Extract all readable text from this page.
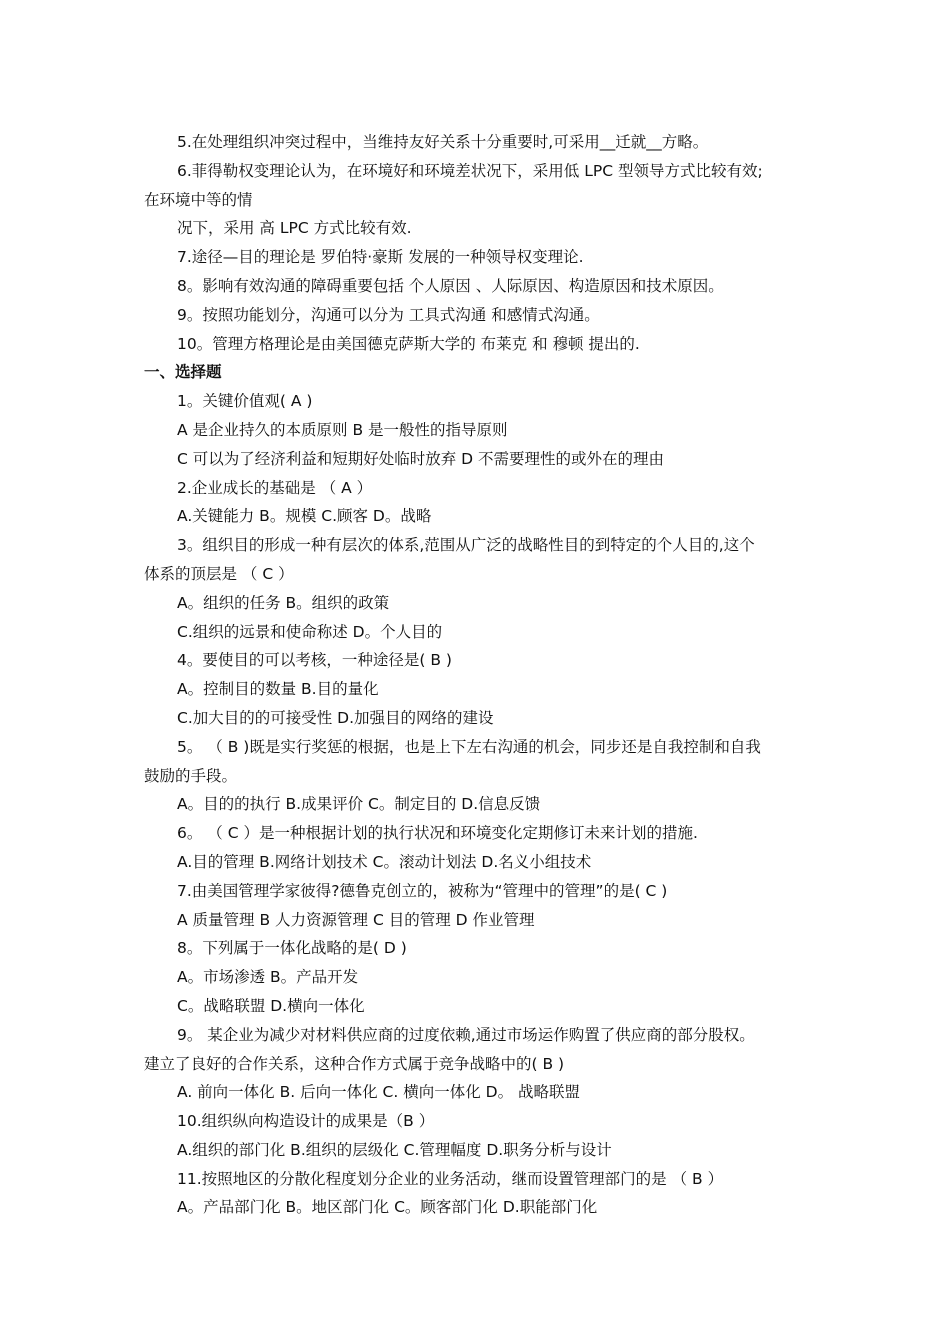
5.在处理组织冲突过程中，当维持友好关系十分重要时,可采用__迁就__方略。
6.菲得勒权变理论认为，在环境好和环境差状况下，采用低 LPC 型领导方式比较有效;
在环境中等的情
况下，采用 高 LPC 方式比较有效.
7.途径—目的理论是 罗伯特·豪斯 发展的一种领导权变理论.
8。影响有效沟通的障碍重要包括 个人原因 、人际原因、构造原因和技术原因。
9。按照功能划分，沟通可以分为 工具式沟通 和感情式沟通。
10。管理方格理论是由美国德克萨斯大学的 布莱克 和 穆顿 提出的.
一、选择题
1。关键价值观( A )
A 是企业持久的本质原则 B 是一般性的指导原则
C 可以为了经济利益和短期好处临时放弃 D 不需要理性的或外在的理由
2.企业成长的基础是 （ A ）
A.关键能力 B。规模 C.顾客 D。战略
3。组织目的形成一种有层次的体系,范围从广泛的战略性目的到特定的个人目的,这个
体系的顶层是 （ C ）
A。组织的任务 B。组织的政策
C.组织的远景和使命称述 D。个人目的
4。要使目的可以考核，一种途径是( B )
A。控制目的数量 B.目的量化
C.加大目的的可接受性 D.加强目的网络的建设
5。 （ B )既是实行奖惩的根据，也是上下左右沟通的机会，同步还是自我控制和自我
鼓励的手段。
A。目的的执行 B.成果评价 C。制定目的 D.信息反馈
6。 （ C ）是一种根据计划的执行状况和环境变化定期修订未来计划的措施.
A.目的管理 B.网络计划技术 C。滚动计划法 D.名义小组技术
7.由美国管理学家彼得?德鲁克创立的，被称为“管理中的管理”的是( C )
A 质量管理 B 人力资源管理 C 目的管理 D 作业管理
8。下列属于一体化战略的是( D )
A。市场渗透 B。产品开发
C。战略联盟 D.横向一体化
9。 某企业为减少对材料供应商的过度依赖,通过市场运作购置了供应商的部分股权。
建立了良好的合作关系，这种合作方式属于竞争战略中的( B )
A. 前向一体化 B. 后向一体化 C. 横向一体化 D。 战略联盟
10.组织纵向构造设计的成果是（B ）
A.组织的部门化 B.组织的层级化 C.管理幅度 D.职务分析与设计
11.按照地区的分散化程度划分企业的业务活动，继而设置管理部门的是 （ B ）
A。产品部门化 B。地区部门化 C。顾客部门化 D.职能部门化
